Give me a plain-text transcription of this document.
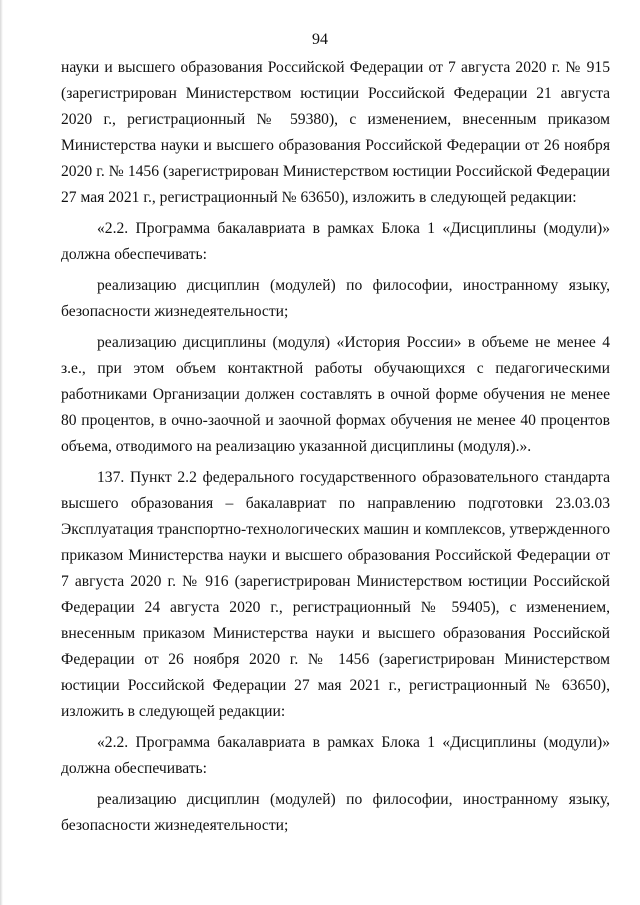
94

науки и высшего образования Российской Федерации от 7 августа 2020 г. № 915 (зарегистрирован Министерством юстиции Российской Федерации 21 августа 2020 г., регистрационный № 59380), с изменением, внесенным приказом Министерства науки и высшего образования Российской Федерации от 26 ноября 2020 г. № 1456 (зарегистрирован Министерством юстиции Российской Федерации 27 мая 2021 г., регистрационный № 63650), изложить в следующей редакции:

«2.2. Программа бакалавриата в рамках Блока 1 «Дисциплины (модули)» должна обеспечивать:

реализацию дисциплин (модулей) по философии, иностранному языку, безопасности жизнедеятельности;

реализацию дисциплины (модуля) «История России» в объеме не менее 4 з.е., при этом объем контактной работы обучающихся с педагогическими работниками Организации должен составлять в очной форме обучения не менее 80 процентов, в очно-заочной и заочной формах обучения не менее 40 процентов объема, отводимого на реализацию указанной дисциплины (модуля).».

137. Пункт 2.2 федерального государственного образовательного стандарта высшего образования – бакалавриат по направлению подготовки 23.03.03 Эксплуатация транспортно-технологических машин и комплексов, утвержденного приказом Министерства науки и высшего образования Российской Федерации от 7 августа 2020 г. № 916 (зарегистрирован Министерством юстиции Российской Федерации 24 августа 2020 г., регистрационный № 59405), с изменением, внесенным приказом Министерства науки и высшего образования Российской Федерации от 26 ноября 2020 г. № 1456 (зарегистрирован Министерством юстиции Российской Федерации 27 мая 2021 г., регистрационный № 63650), изложить в следующей редакции:

«2.2. Программа бакалавриата в рамках Блока 1 «Дисциплины (модули)» должна обеспечивать:

реализацию дисциплин (модулей) по философии, иностранному языку, безопасности жизнедеятельности;
